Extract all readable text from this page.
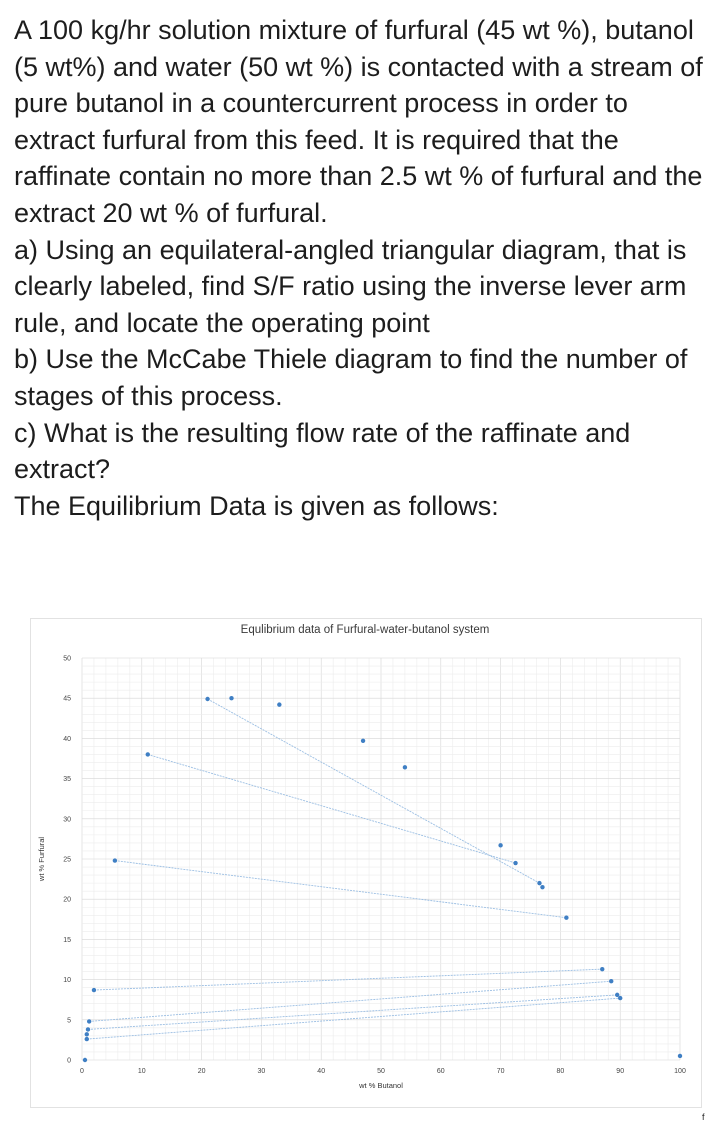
A 100 kg/hr solution mixture of furfural (45 wt %), butanol (5 wt%) and water (50 wt %) is contacted with a stream of pure butanol in a countercurrent process in order to extract furfural from this feed. It is required that the raffinate contain no more than 2.5 wt % of furfural and the extract 20 wt % of furfural.

a) Using an equilateral-angled triangular diagram, that is clearly labeled, find S/F ratio using the inverse lever arm rule, and locate the operating point

b) Use the McCabe Thiele diagram to find the number of stages of this process.

c) What is the resulting flow rate of the raffinate and extract?

The Equilibrium Data is given as follows:

Equlibrium data of Furfural-water-butanol system
0	10	20	30	40	50	60	70	80	90	100
0
5
10
15
20
25
30
35
40
45
50
wt % Butanol
wt % Furfural
f
